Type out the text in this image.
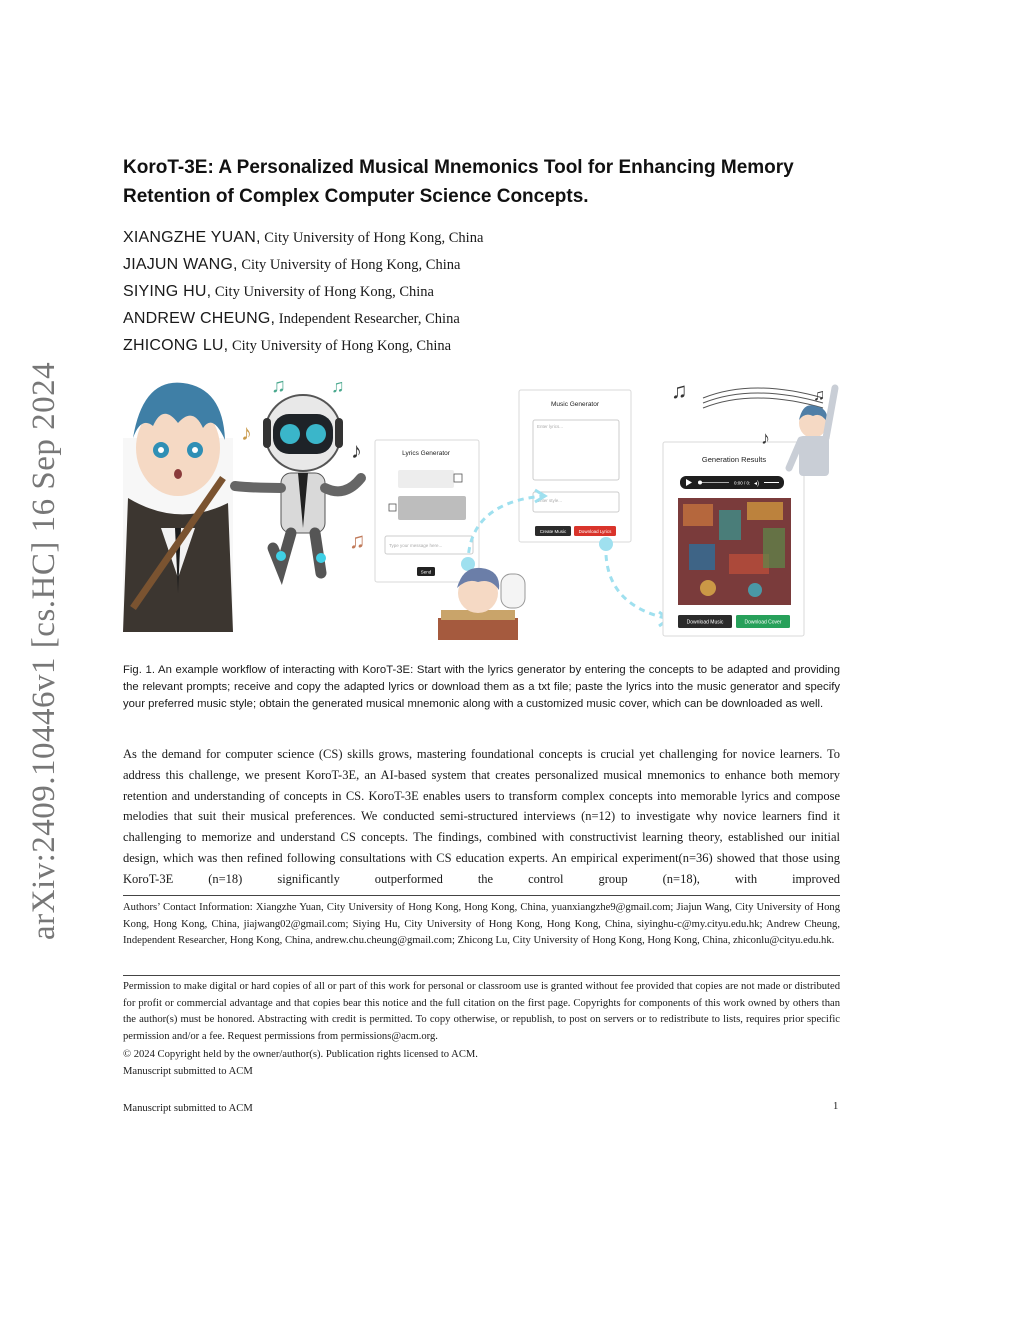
arXiv:2409.10446v1 [cs.HC] 16 Sep 2024
KoroT-3E: A Personalized Musical Mnemonics Tool for Enhancing Memory Retention of Complex Computer Science Concepts.
XIANGZHE YUAN, City University of Hong Kong, China
JIAJUN WANG, City University of Hong Kong, China
SIYING HU, City University of Hong Kong, China
ANDREW CHEUNG, Independent Researcher, China
ZHICONG LU, City University of Hong Kong, China
♫	♫
♪
♪
♫
Lyrics Generator
Type your message here...
Send
Music Generator
Enter lyrics...
Enter style...
Create Music	Download Lyrics
Generation Results
0:00 / 0: ◂)
Download Music	Download Cover
♫
♪
♫

Fig. 1. An example workflow of interacting with KoroT-3E: Start with the lyrics generator by entering the concepts to be adapted and providing the relevant prompts; receive and copy the adapted lyrics or download them as a txt file; paste the lyrics into the music generator and specify your preferred music style; obtain the generated musical mnemonic along with a customized music cover, which can be downloaded as well.

As the demand for computer science (CS) skills grows, mastering foundational concepts is crucial yet challenging for novice learners. To address this challenge, we present KoroT-3E, an AI-based system that creates personalized musical mnemonics to enhance both memory retention and understanding of concepts in CS. KoroT-3E enables users to transform complex concepts into memorable lyrics and compose melodies that suit their musical preferences. We conducted semi-structured interviews (n=12) to investigate why novice learners find it challenging to memorize and understand CS concepts. The findings, combined with constructivist learning theory, established our initial design, which was then refined following consultations with CS education experts. An empirical experiment(n=36) showed that those using KoroT-3E (n=18) significantly outperformed the control group (n=18), with improved

Authors’ Contact Information: Xiangzhe Yuan, City University of Hong Kong, Hong Kong, China, yuanxiangzhe9@gmail.com; Jiajun Wang, City University of Hong Kong, Hong Kong, China, jiajwang02@gmail.com; Siying Hu, City University of Hong Kong, Hong Kong, China, siyinghu-c@my.cityu.edu.hk; Andrew Cheung, Independent Researcher, Hong Kong, China, andrew.chu.cheung@gmail.com; Zhicong Lu, City University of Hong Kong, Hong Kong, China, zhiconlu@cityu.edu.hk.

Permission to make digital or hard copies of all or part of this work for personal or classroom use is granted without fee provided that copies are not made or distributed for profit or commercial advantage and that copies bear this notice and the full citation on the first page. Copyrights for components of this work owned by others than the author(s) must be honored. Abstracting with credit is permitted. To copy otherwise, or republish, to post on servers or to redistribute to lists, requires prior specific permission and/or a fee. Request permissions from permissions@acm.org.

© 2024 Copyright held by the owner/author(s). Publication rights licensed to ACM.

Manuscript submitted to ACM

Manuscript submitted to ACM	1
